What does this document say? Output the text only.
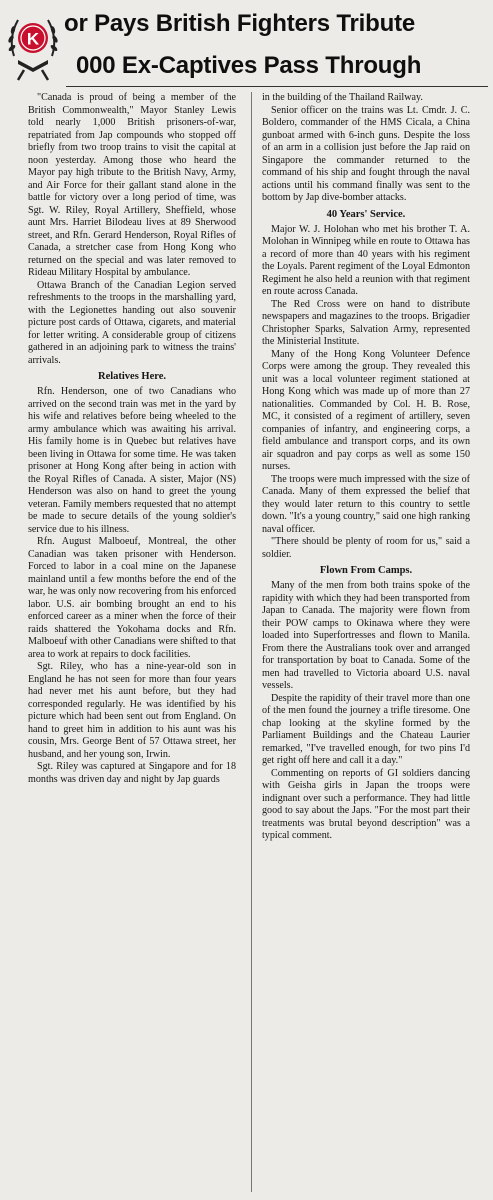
K
or Pays British Fighters Tribute
000 Ex-Captives Pass Through

"Canada is proud of being a member of the British Commonwealth," Mayor Stanley Lewis told nearly 1,000 British prisoners-of-war, repatriated from Jap compounds who stopped off briefly from two troop trains to visit the capital at noon yesterday. Among those who heard the Mayor pay high tribute to the British Navy, Army, and Air Force for their gallant stand alone in the battle for victory over a long period of time, was Sgt. W. Riley, Royal Artillery, Sheffield, whose aunt Mrs. Harriet Bilodeau lives at 89 Sherwood street, and Rfn. Gerard Henderson, Royal Rifles of Canada, a stretcher case from Hong Kong who returned on the special and was later removed to Rideau Military Hospital by ambulance.

Ottawa Branch of the Canadian Legion served refreshments to the troops in the marshalling yard, with the Legionettes handing out also souvenir picture post cards of Ottawa, cigarets, and material for letter writing. A considerable group of citizens gathered in an adjoining park to witness the trains' arrivals.

Relatives Here.

Rfn. Henderson, one of two Canadians who arrived on the second train was met in the yard by his wife and relatives before being wheeled to the army ambulance which was awaiting his arrival. His family home is in Quebec but relatives have been living in Ottawa for some time. He was taken prisoner at Hong Kong after being in action with the Royal Rifles of Canada. A sister, Major (NS) Henderson was also on hand to greet the young veteran. Family members requested that no attempt be made to secure details of the young soldier's service due to his illness.

Rfn. August Malboeuf, Montreal, the other Canadian was taken prisoner with Henderson. Forced to labor in a coal mine on the Japanese mainland until a few months before the end of the war, he was only now recovering from his enforced labor. U.S. air bombing brought an end to his enforced career as a miner when the force of their raids shattered the Yokohama docks and Rfn. Malboeuf with other Canadians were shifted to that area to work at repairs to dock facilities.

Sgt. Riley, who has a nine-year-old son in England he has not seen for more than four years had never met his aunt before, but they had corresponded regularly. He was identified by his picture which had been sent out from England. On hand to greet him in addition to his aunt was his cousin, Mrs. George Bent of 57 Ottawa street, her husband, and her young son, Irwin.

Sgt. Riley was captured at Singapore and for 18 months was driven day and night by Jap guards

in the building of the Thailand Railway.

Senior officer on the trains was Lt. Cmdr. J. C. Boldero, commander of the HMS Cicala, a China gunboat armed with 6-inch guns. Despite the loss of an arm in a collision just before the Jap raid on Singapore the commander returned to the command of his ship and fought through the naval actions until his command finally was sent to the bottom by Jap dive-bomber attacks.

40 Years' Service.

Major W. J. Holohan who met his brother T. A. Molohan in Winnipeg while en route to Ottawa has a record of more than 40 years with his regiment the Loyals. Parent regiment of the Loyal Edmonton Regiment he also held a reunion with that regiment en route across Canada.

The Red Cross were on hand to distribute newspapers and magazines to the troops. Brigadier Christopher Sparks, Salvation Army, represented the Ministerial Institute.

Many of the Hong Kong Volunteer Defence Corps were among the group. They revealed this unit was a local volunteer regiment stationed at Hong Kong which was made up of more than 27 nationalities. Commanded by Col. H. B. Rose, MC, it consisted of a regiment of artillery, seven companies of infantry, and engineering corps, a field ambulance and transport corps, and its own air squadron and pay corps as well as some 150 nurses.

The troops were much impressed with the size of Canada. Many of them expressed the belief that they would later return to this country to settle down. "It's a young country," said one high ranking naval officer.

"There should be plenty of room for us," said a soldier.

Flown From Camps.

Many of the men from both trains spoke of the rapidity with which they had been transported from Japan to Canada. The majority were flown from their POW camps to Okinawa where they were loaded into Superfortresses and flown to Manila. From there the Australians took over and arranged for transportation by boat to Canada. Some of the men had travelled to Victoria aboard U.S. naval vessels.

Despite the rapidity of their travel more than one of the men found the journey a trifle tiresome. One chap looking at the skyline formed by the Parliament Buildings and the Chateau Laurier remarked, "I've travelled enough, for two pins I'd get right off here and call it a day."

Commenting on reports of GI soldiers dancing with Geisha girls in Japan the troops were indignant over such a performance. They had little good to say about the Japs. "For the most part their treatments was brutal beyond description" was a typical comment.
